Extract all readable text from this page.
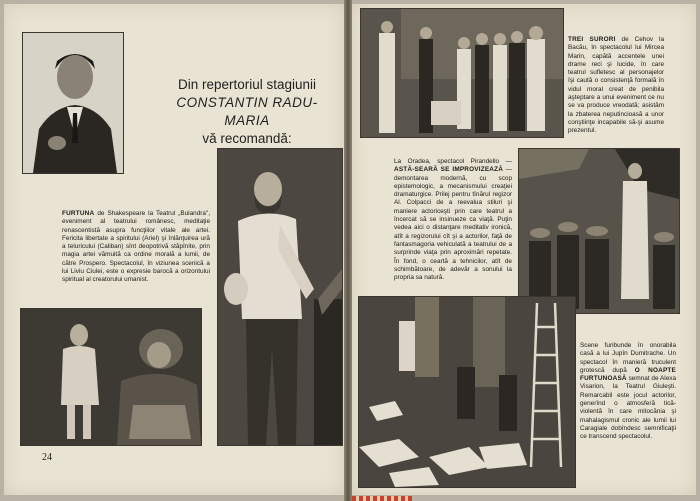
Din repertoriul stagiunii
CONSTANTIN RADU-MARIA
vă recomandă:
FURTUNA de Shakespeare la Teatrul „Bulandra", eveniment al teatrului românesc, meditaţie renascentistă asupra funcţiilor vitale ale artei. Fericita libertate a spiritului (Ariel) şi înlănţuirea ură a teluricului (Caliban) sînt deopotrivă stăpînite, prin magia artei vămuită ca ordine morală a lumii, de către Prospero. Spectacolul, în viziunea scenică a lui Liviu Ciulei, este o expresie barocă a orizontului spiritual al creatorului umanist.
24
TREI SURORI de Cehov la Bacău, în spectacolul lui Mircea Marin, capătă accentele unei drame reci şi lucide, în care teatrul sufletesc al personajelor îşi caută o consistenţă formală în vidul moral creat de penibila aşteptare a unui eveniment ce nu se va produce vreodată; asistăm la zbaterea neputincioasă a unor conştiinţe incapabile să-şi asume prezentul.
La Oradea, spectacol Pirandello — ASTĂ-SEARĂ SE IMPROVIZEAZĂ — demontarea modernă, cu scop epistemologic, a mecanismului creaţiei dramaturgice. Prilej pentru tînărul regizor Al. Colpacci de a reevalua stiluri şi maniere actoriceşti prin care teatrul a încercat să se insinueze ca viaţă. Puţin vedea aici o distanţare meditativ ironică, atît a regizorului cît şi a actorilor, faţă de fantasmagoria vehiculată a teatrului de a surprinde viaţa prin aproximări repetate. În fond, o ceartă a tehnicilor, atît de schimbătoare, de adevăr a sonului la propria sa natură.
Scene furibunde în onorabila casă a lui Jupîn Dumitrache. Un spectacol în manieră truculent grotescă după O NOAPTE FURTUNOASĂ semnat de Alexa Visarion, la Teatrul Giuleşti. Remarcabil este jocul actorilor, generînd o atmosferă tică-violentă în care mitocănia şi mahalagismul cronic ale lumii lui Caragiale dobîndesc semnificaţii ce transcend spectacolul.
